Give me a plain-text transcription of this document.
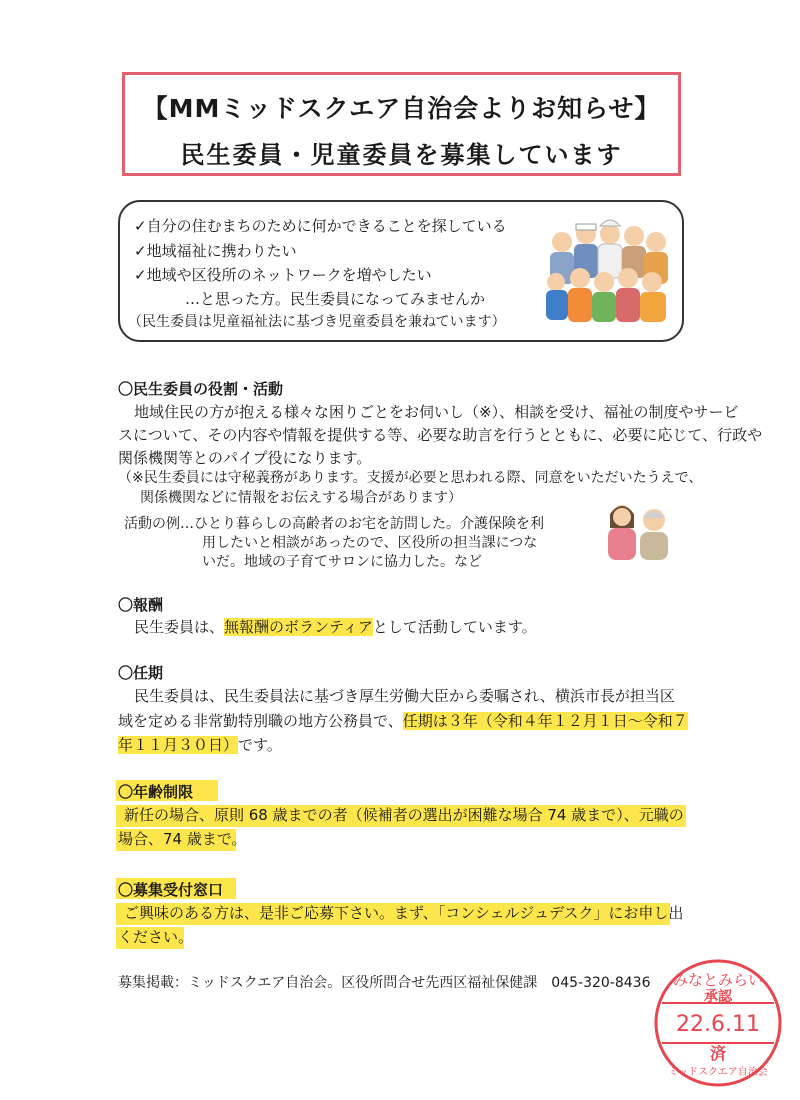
【MMミッドスクエア自治会よりお知らせ】
民生委員・児童委員を募集しています
✓自分の住むまちのために何かできることを探している
✓地域福祉に携わりたい
✓地域や区役所のネットワークを増やしたい
…と思った方。民生委員になってみませんか
（民生委員は児童福祉法に基づき児童委員を兼ねています）
〇民生委員の役割・活動
地域住民の方が抱える様々な困りごとをお伺いし（※）、相談を受け、福祉の制度やサービ
スについて、その内容や情報を提供する等、必要な助言を行うとともに、必要に応じて、行政や
関係機関等とのパイプ役になります。
（※民生委員には守秘義務があります。支援が必要と思われる際、同意をいただいたうえで、
関係機関などに情報をお伝えする場合があります）
活動の例…ひとり暮らしの高齢者のお宅を訪問した。介護保険を利
用したいと相談があったので、区役所の担当課につな
いだ。地域の子育てサロンに協力した。など
〇報酬
民生委員は、無報酬のボランティアとして活動しています。
〇任期
民生委員は、民生委員法に基づき厚生労働大臣から委嘱され、横浜市長が担当区
域を定める非常勤特別職の地方公務員で、任期は３年（令和４年１２月１日～令和７
年１１月３０日）です。
〇年齢制限
新任の場合、原則 68 歳までの者（候補者の選出が困難な場合 74 歳まで）、元職の
場合、74 歳まで。
〇募集受付窓口
ご興味のある方は、是非ご応募下さい。まず、「コンシェルジュデスク」にお申し出
ください。
募集掲載：ミッドスクエア自治会。区役所問合せ先西区福祉保健課　045-320-8436 みなとみらい
承認
22.6.11
済
ミッドスクエア自治会
